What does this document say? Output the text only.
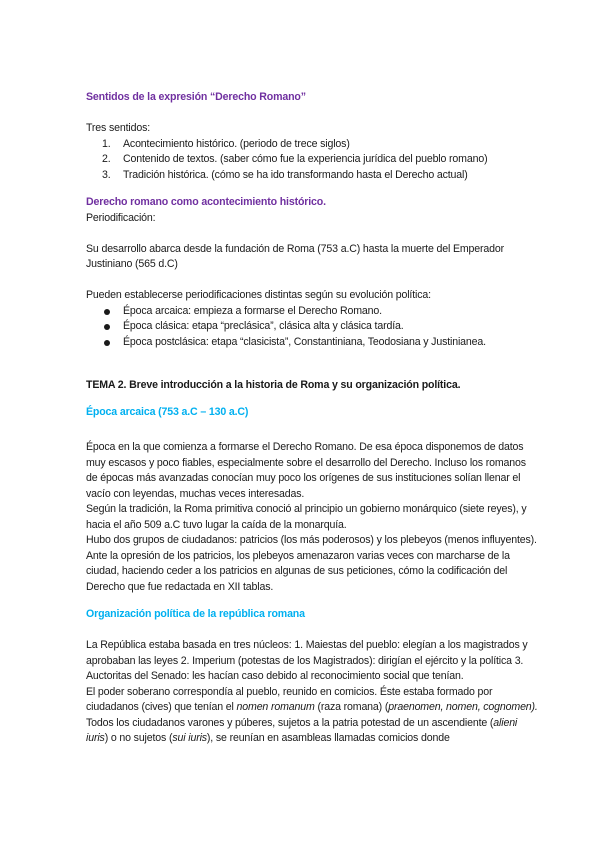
Sentidos de la expresión “Derecho Romano”

Tres sentidos:

1. Acontecimiento histórico. (periodo de trece siglos)
2. Contenido de textos. (saber cómo fue la experiencia jurídica del pueblo romano)
3. Tradición histórica. (cómo se ha ido transformando hasta el Derecho actual)

Derecho romano como acontecimiento histórico.

Periodificación:

Su desarrollo abarca desde la fundación de Roma (753 a.C) hasta la muerte del Emperador Justiniano (565 d.C)

Pueden establecerse periodificaciones distintas según su evolución política:

Época arcaica: empieza a formarse el Derecho Romano.
Época clásica: etapa “preclásica”, clásica alta y clásica tardía.
Época postclásica: etapa “clasicista”, Constantiniana, Teodosiana y Justinianea.

TEMA 2. Breve introducción a la historia de Roma y su organización política.

Época arcaica (753 a.C – 130 a.C)

Época en la que comienza a formarse el Derecho Romano. De esa época disponemos de datos muy escasos y poco fiables, especialmente sobre el desarrollo del Derecho. Incluso los romanos de épocas más avanzadas conocían muy poco los orígenes de sus instituciones solían llenar el vacío con leyendas, muchas veces interesadas.

Según la tradición, la Roma primitiva conoció al principio un gobierno monárquico (siete reyes), y hacia el año 509 a.C tuvo lugar la caída de la monarquía.

Hubo dos grupos de ciudadanos: patricios (los más poderosos) y los plebeyos (menos influyentes). Ante la opresión de los patricios, los plebeyos amenazaron varias veces con marcharse de la ciudad, haciendo ceder a los patricios en algunas de sus peticiones, cómo la codificación del Derecho que fue redactada en XII tablas.

Organización política de la república romana

La República estaba basada en tres núcleos: 1. Maiestas del pueblo: elegían a los magistrados y aprobaban las leyes 2. Imperium (potestas de los Magistrados): dirigían el ejército y la política 3. Auctoritas del Senado: les hacían caso debido al reconocimiento social que tenían.

El poder soberano correspondía al pueblo, reunido en comicios. Éste estaba formado por ciudadanos (cives) que tenían el nomen romanum (raza romana) (praenomen, nomen, cognomen).

Todos los ciudadanos varones y púberes, sujetos a la patria potestad de un ascendiente (alieni iuris) o no sujetos (sui iuris), se reunían en asambleas llamadas comicios donde
